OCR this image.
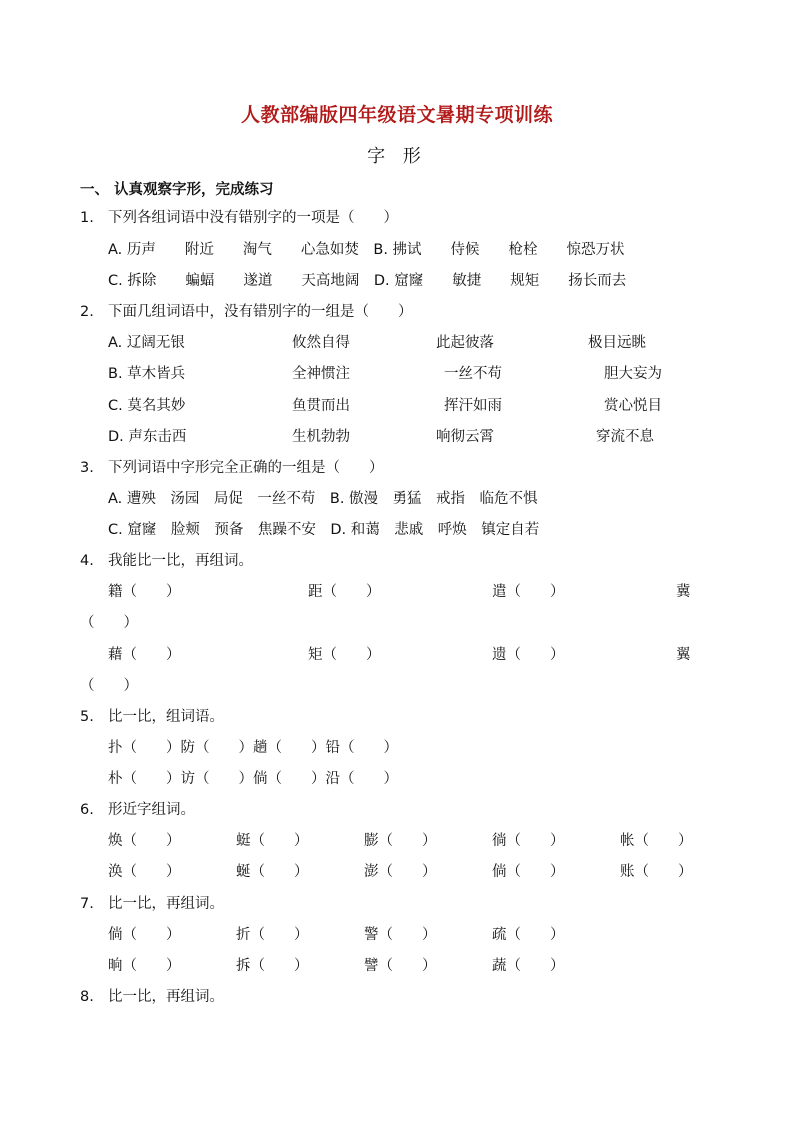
人教部编版四年级语文暑期专项训练
字 形
一、 认真观察字形，完成练习
1. 下列各组词语中没有错别字的一项是（　　）
A. 历声　　附近　　淘气　　心急如焚　B. 拂试　　侍候　　枪栓　　惊恐万状
C. 拆除　　蝙蝠　　遂道　　天高地阔　D. 窟窿　　敏捷　　规矩　　扬长而去
2. 下面几组词语中，没有错别字的一组是（　　）
A. 辽阔无银	攸然自得	此起彼落	极目远眺
B. 草木皆兵	全神惯注	一丝不苟	胆大妄为
C. 莫名其妙	鱼贯而出	挥汗如雨	赏心悦目
D. 声东击西	生机勃勃	响彻云霄	穿流不息
3. 下列词语中字形完全正确的一组是（　　）
A. 遭殃　汤园　局促　一丝不苟　B. 傲漫　勇猛　戒指　临危不惧
C. 窟窿　脸颊　预备　焦躁不安　D. 和蔼　悲戚　呼焕　镇定自若
4. 我能比一比，再组词。
籍（　　）	距（　　）	遣（　　）	冀
（　　）
藉（　　）	矩（　　）	遗（　　）	翼
（　　）
5. 比一比，组词语。
扑（　　）防（　　）趟（　　）铅（　　）
朴（　　）访（　　）倘（　　）沿（　　）
6. 形近字组词。
焕（　　）	蜓（　　）	膨（　　）	徜（　　）	帐（　　）
涣（　　）	蜒（　　）	澎（　　）	倘（　　）	账（　　）
7. 比一比，再组词。
倘（　　）	折（　　）	警（　　）	疏（　　）
晌（　　）	拆（　　）	譬（　　）	蔬（　　）
8. 比一比，再组词。
